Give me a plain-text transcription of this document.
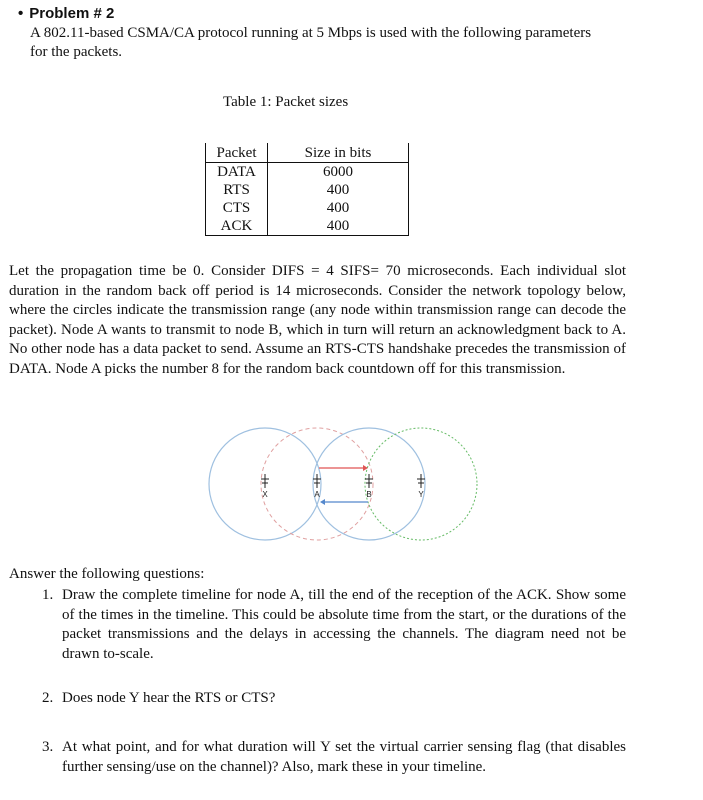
• Problem # 2
A 802.11-based CSMA/CA protocol running at 5 Mbps is used with the following parameters for the packets.
Table 1: Packet sizes
Packet	Size in bits
DATA	6000
RTS	400
CTS	400
ACK	400
Let the propagation time be 0. Consider DIFS = 4 SIFS= 70 microseconds. Each individual slot duration in the random back off period is 14 microseconds. Consider the network topology below, where the circles indicate the transmission range (any node within transmission range can decode the packet). Node A wants to transmit to node B, which in turn will return an acknowledgment back to A. No other node has a data packet to send. Assume an RTS-CTS handshake precedes the transmission of DATA. Node A picks the number 8 for the random back countdown off for this transmission.
X	A	B	Y
Answer the following questions:
1. Draw the complete timeline for node A, till the end of the reception of the ACK. Show some of the times in the timeline. This could be absolute time from the start, or the durations of the packet transmissions and the delays in accessing the channels. The diagram need not be drawn to-scale.
2. Does node Y hear the RTS or CTS?
3. At what point, and for what duration will Y set the virtual carrier sensing flag (that disables further sensing/use on the channel)? Also, mark these in your timeline.
